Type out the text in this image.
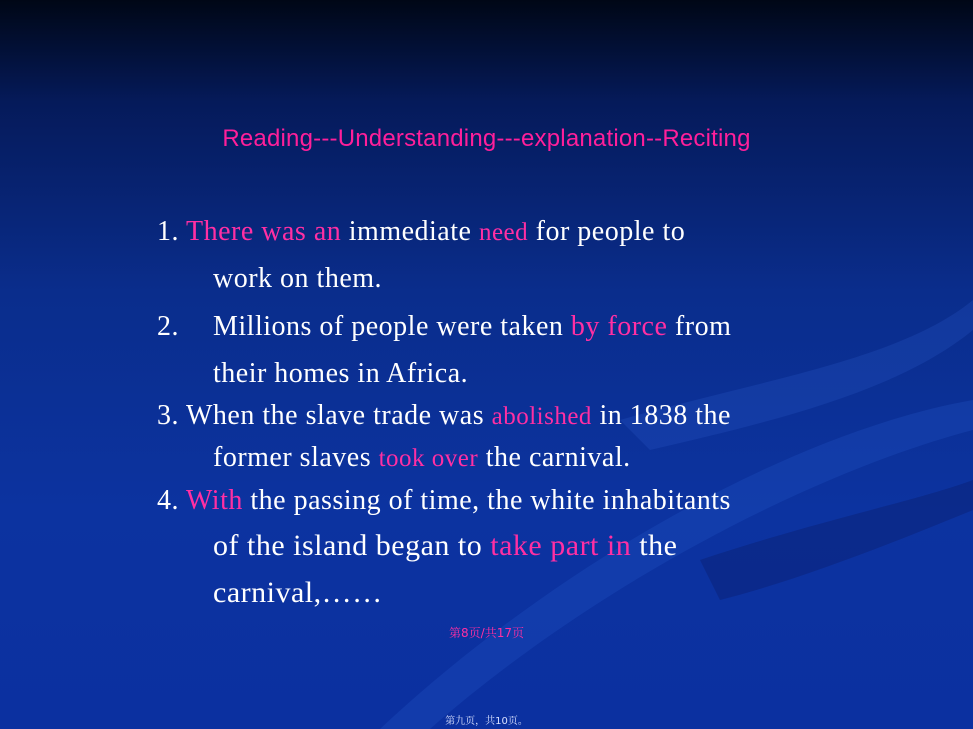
Reading---Understanding---explanation--Reciting
1. There was an immediate need for people to
work on them.
2. Millions of people were taken by force from
their homes in Africa.
3. When the slave trade was abolished in 1838 the
former slaves took over the carnival.
4. With the passing of time, the white inhabitants
of the island began to take part in the
carnival,……
第8页/共17页
第九页，共10页。
